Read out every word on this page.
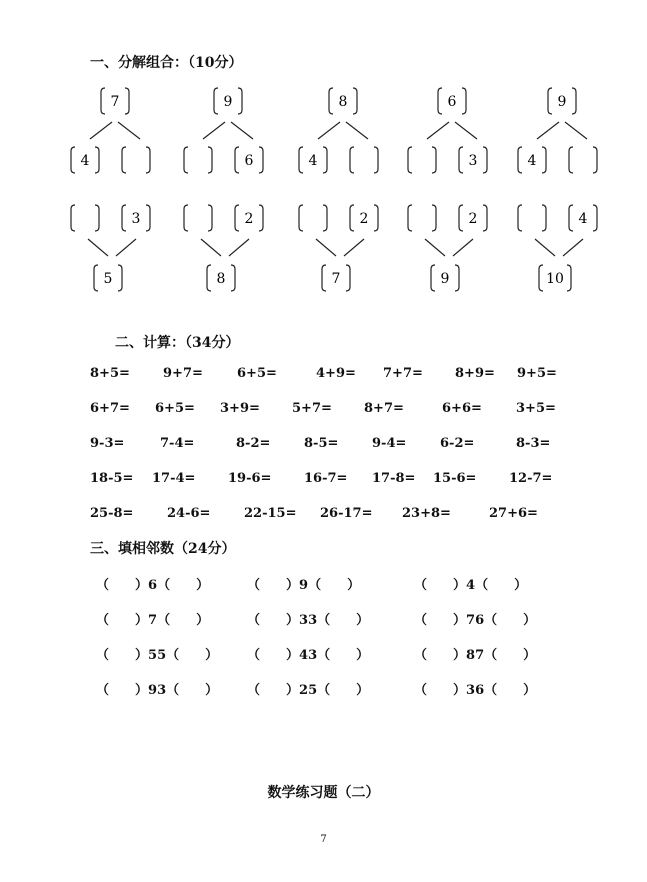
一、分解组合：（10分）
7
4
9
6
8
4
6
3
9
4
3
5
2
8
2
7
2
9
4
10
二、计算：（34分）
8+5=	9+7=	6+5=	4+9= 7+7= 8+9= 9+5=
6+7= 6+5= 3+9= 5+7= 8+7=	6+6=	3+5=
9-3=	7-4=	8-2=	8-5=	9-4=	6-2=	8-3=
18-5= 17-4=	19-6=	16-7= 17-8= 15-6=	12-7=
25-8=	24-6=	22-15= 26-17= 23+8=	27+6=
三、填相邻数（24分）
（ ）6（ ）	（ ）9（ ）	（ ）4（ ）
（ ）7（ ）	（ ）33（ ）	（ ）76（ ）
（ ）55（ ） （ ）43（ ）	（ ）87（ ）
（ ）93（ ） （ ）25（ ）	（ ）36（ ）
数学练习题（二）
7
